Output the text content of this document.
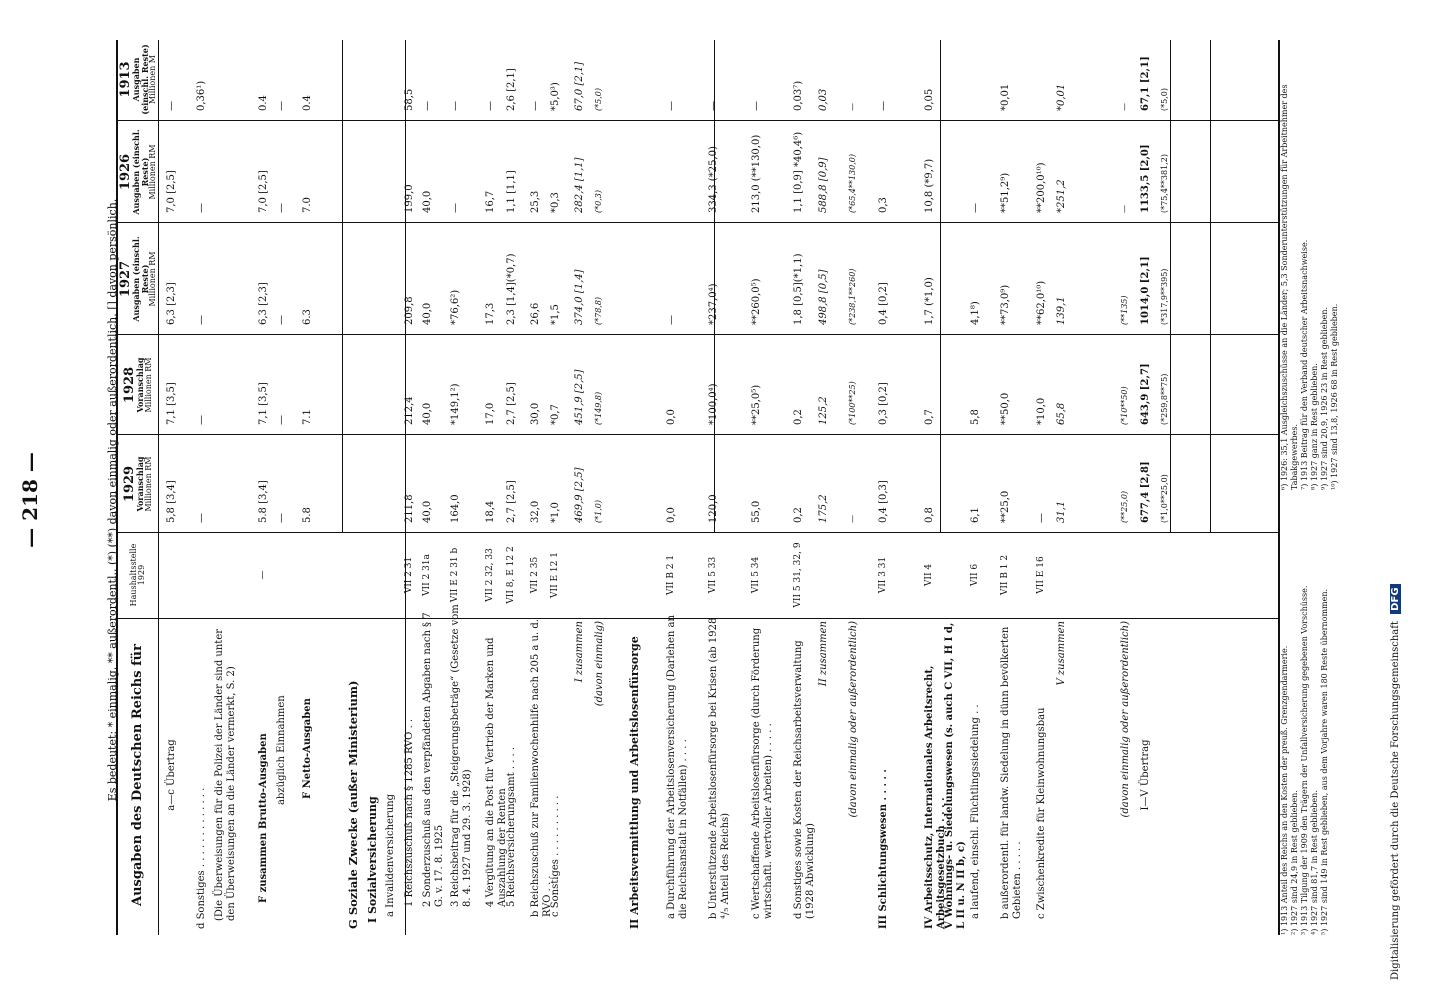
— 218 —	Es bedeutet: * einmalig, ** außerordentl., (*) (**) davon einmalig oder außerordentlich. [] davon persönlich. Ausgaben des Deutschen Reichs für
Haushaltsstelle 1929
1929
Voranschlag
Millionen RM
1928
Voranschlag
Millionen RM
1927
Ausgaben (einschl. Reste)
Millionen RM
1926
Ausgaben (einschl. Reste)
Millionen RM
1913
Ausgaben (einschl. Reste)
Millionen M
a—c Übertrag
5,8 [3,4]
7,1 [3,5]
6,3 [2,3]
7,0 [2,5]
—
d Sonstiges . . . . . . . . . . . . .
—
—
—
—
0,36¹)
(Die Überweisungen für die Polizei der Länder sind unter den Überweisungen an die Länder vermerkt, S. 2) F zusammen Brutto-Ausgaben
—
5.8 [3,4]
7,1 [3,5]
6,3 [2,3]
7,0 [2,5]
0.4
abzüglich Einnahmen
—
—
—
—
—
F Netto-Ausgaben
5.8
7.1
6.3
7.0
0.4
G Soziale Zwecke (außer Ministerium) I Sozialversicherung a Invalidenversicherung 1 Reichszuschuß nach § 1285 RVO . .
VII 2 31
211,8
212,4
209,8
199,0
58,5
2 Sonderzuschuß aus den verpfändeten Abgaben nach § 7 G. v. 17. 8. 1925
VII 2 31a
40,0
40,0
40,0
40,0
—
3 Reichsbeitrag für die „Steigerungsbeträge“ (Gesetze vom 8. 4. 1927 und 29. 3. 1928)
VII E 2 31 b
164,0
*149,1²)
*76,6²)
—
—
4 Vergütung an die Post für Vertrieb der Marken und Auszahlung der Renten
VII 2 32, 33
18,4
17,0
17,3
16,7
—
5 Reichsversicherungsamt . . . .
VII 8, E 12 2
2,7 [2,5]
2,7 [2,5]
2,3 [1,4](*0,7)
1,1 [1,1]
2,6 [2,1]
b Reichszuschuß zur Familienwochenhilfe nach 205 a u. d. RVO . . .
VII 2 35
32,0
30,0
26,6
25,3
—
c Sonstiges . . . . . . . . . .
VII E 12 1
*1,0
*0,7
*1,5
*0,3
*5,0³)
I zusammen
469,9 [2,5]
451,9 [2,5]
374,0 [1,4]
282,4 [1,1]
67,0 [2,1]
(davon einmalig)
(*1,0)
(*149,8)
(*78,8)
(*0,3)
(*5,0)
II Arbeitsvermittlung und Arbeitslosenfürsorge	a Durchführung der Arbeitslosenversicherung (Darlehen an die Reichsanstalt in Notfällen) . . . .
VII B 2 1
0,0
0,0
—
—
b Unterstützende Arbeitslosenfürsorge bei Krisen (ab 1928 ⁴/₅ Anteil des Reichs)
VII 5 33
120,0
*100,0⁴)
*237,0⁴)
334,3 (*25,0)
—
c Wertschaffende Arbeitslosenfürsorge (durch Förderung wirtschaftl. wertvoller Arbeiten) . . . . .
VII 5 34
55,0
**25,0⁵)
**260,0⁵)
213,0 (**130,0)
—
d Sonstiges sowie Kosten der Reichsarbeitsverwaltung (1928 Abwicklung)
VII 5 31, 32, 9
0,2
0,2
1,8 [0,5](*1,1)
1,1 [0,9] *40,4⁶)
0,03⁷)
II zusammen
175,2
125,2
498,8 [0,5]
588,8 [0,9]
0,03
(davon einmalig oder außerordentlich)
—
(*100**25)
(*238,1**260)
(*65,4**130,0)
—
III Schlichtungswesen . . . . .
VII 3 31
0,4 [0,3]
0,3 [0,2]
0,4 [0,2]
0,3
—
IV Arbeitsschutz, Internationales Arbeitsrecht, Arbeitsgesetzbuch . . . .
VII 4
0,8
0,7
1,7 (*1,0)
10,8 (*9,7)
0,05
V Wohnungs- u. Siedelungswesen (s. auch C VII, H I d, L II u. N II b, c) a laufend, einschl. Flüchtlingssiedelung . .
VII 6
6,1
5,8
4,1⁸)
—
b außerordentl. für landw. Siedelung in dünn bevölkerten Gebieten . . . . .
VII B 1 2
**25,0
**50,0
**73,0⁹)
**51,2⁹)
*0,01
c Zwischenkredite für Kleinwohnungsbau
VII E 16
—
*10,0
**62,0¹⁰)
**200,0¹⁰)
V zusammen
31,1
65,8
139,1
*251,2
*0,01
(davon einmalig oder außerordentlich)
(**25,0)
(*10**50)
(**135)
—
—
I—V Übertrag
677,4 [2,8]
643,9 [2,7]
1014,0 [2,1]
1133,5 [2,0]
67,1 [2,1]
(*1,0**25,0)
(*259,8**75)
(*317,9**395)
(*75,4**381,2)
(*5,0)
¹) 1913 Anteil des Reichs an den Kosten der preuß. Grenzgendarmerie. ²) 1927 sind 24,9 in Rest geblieben. ³) 1913 Tilgung der 1909 den Trägern der Unfallversicherung gegebenen Vorschüsse. ⁴) 1927 sind 81,7 in Rest geblieben. ⁵) 1927 sind 149 in Rest geblieben, aus dem Vorjahre waren 180 Reste übernommen.
⁶) 1926: 35,1 Ausgleichszuschüsse an die Länder; 5,3 Sonderunterstützungen für Arbeitnehmer des Tabakgewerbes. ⁷) 1913 Beitrag für den Verband deutscher Arbeitsnachweise. ⁸) 1927 ganz in Rest geblieben. ⁹) 1927 sind 20,9, 1926 23 in Rest geblieben. ¹⁰) 1927 sind 13,8, 1926 68 in Rest geblieben.
Digitalisierung gefördert durch die Deutsche Forschungsgemeinschaft DFG
